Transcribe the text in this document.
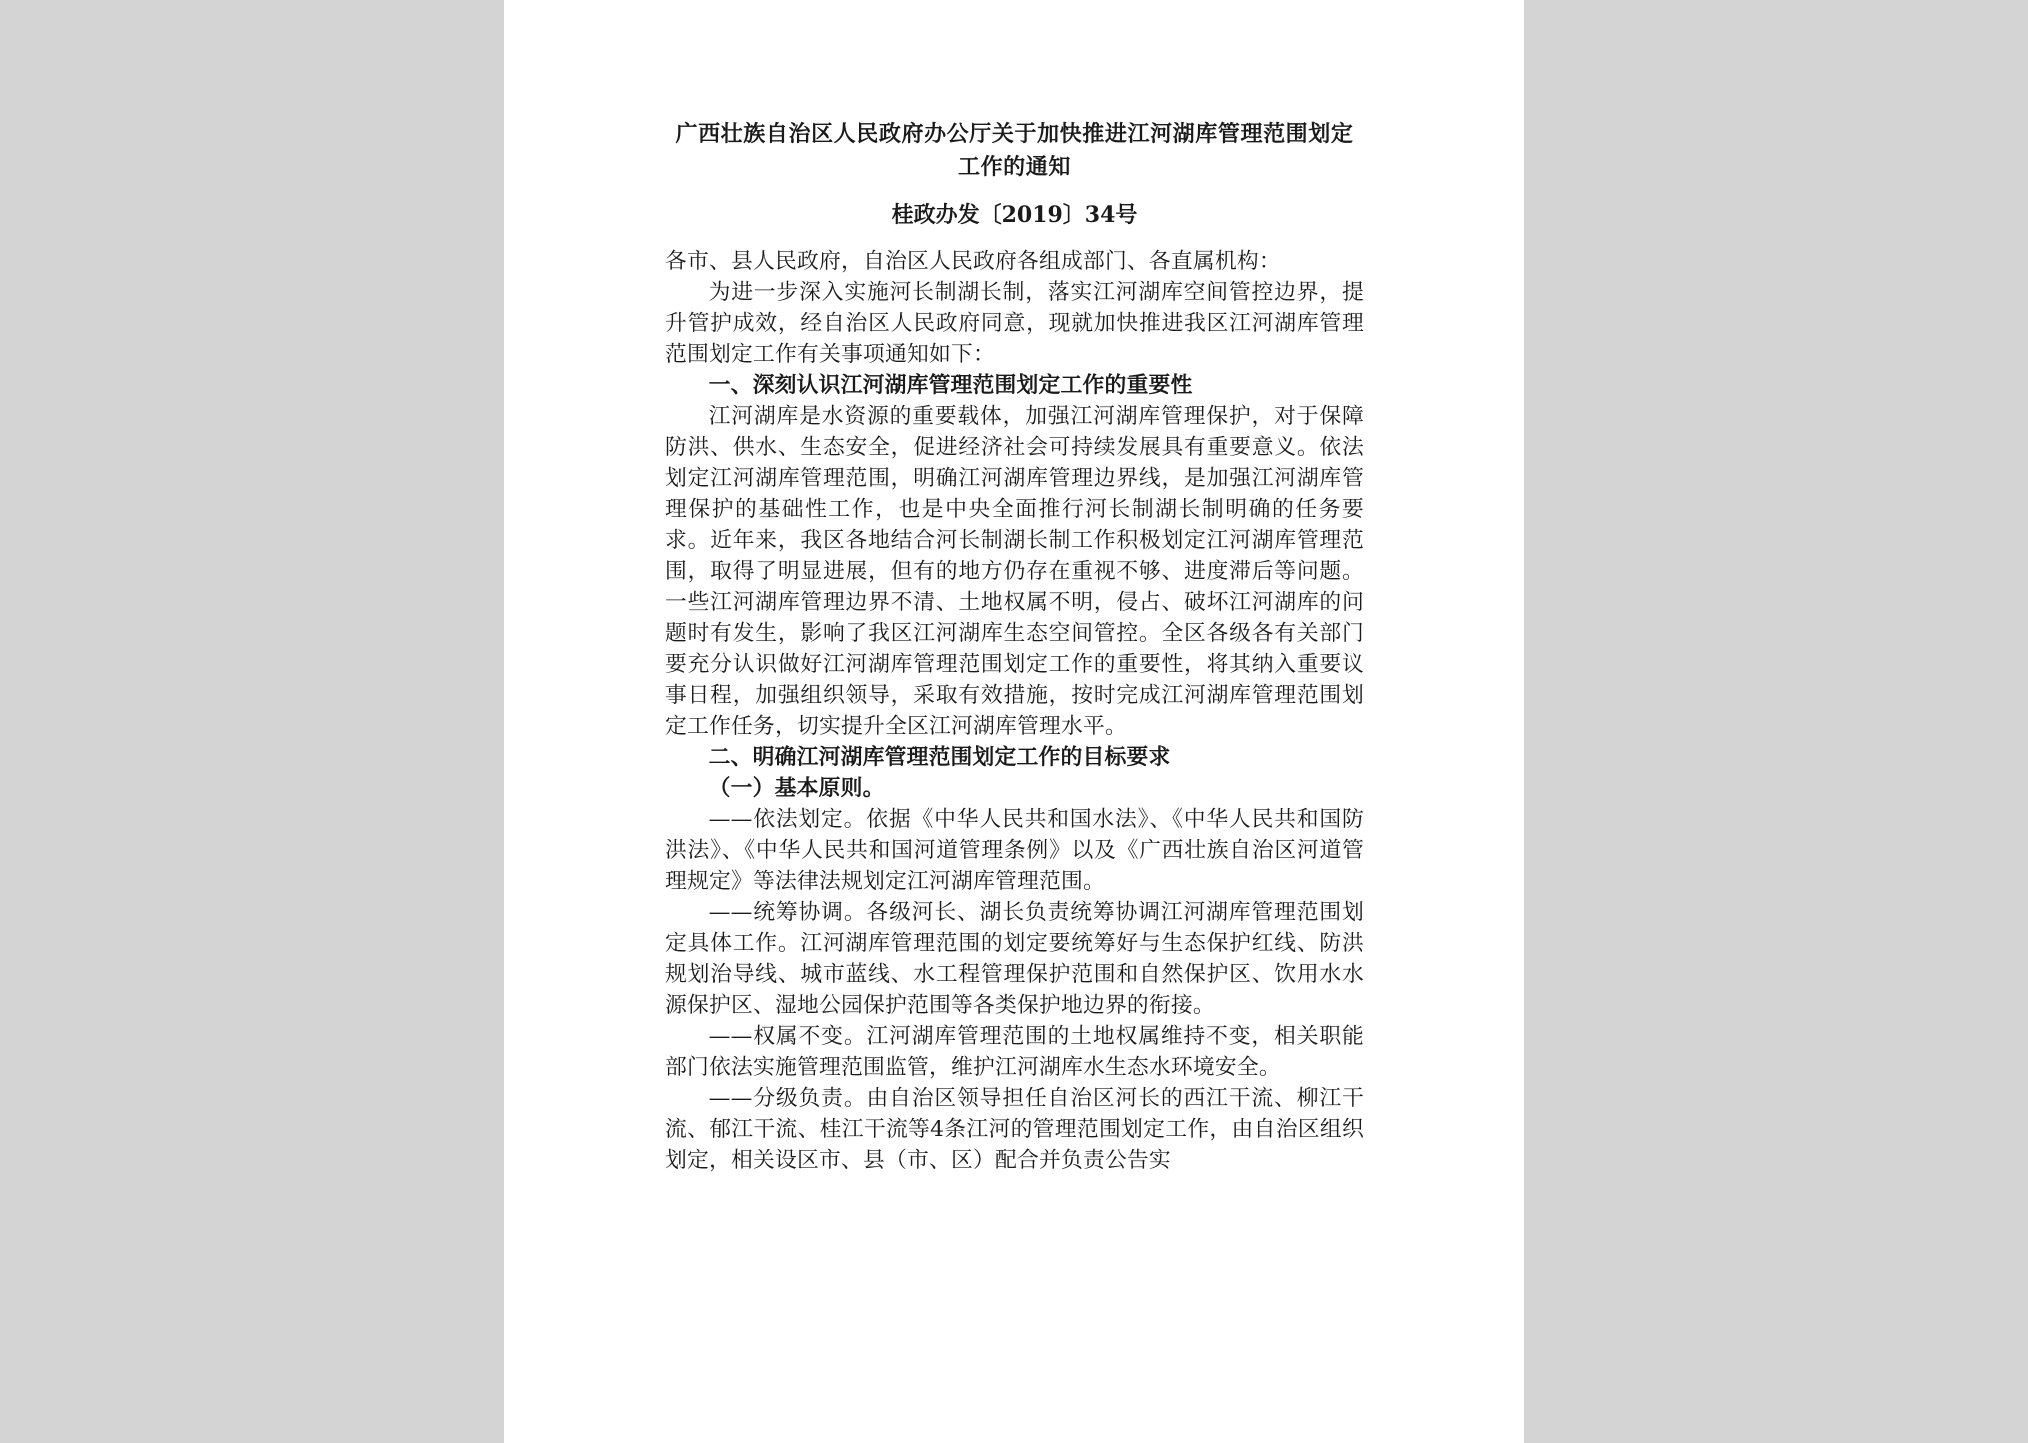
广西壮族自治区人民政府办公厅关于加快推进江河湖库管理范围划定工作的通知
桂政办发〔2019〕34号

各市、县人民政府，自治区人民政府各组成部门、各直属机构：

为进一步深入实施河长制湖长制，落实江河湖库空间管控边界，提升管护成效，经自治区人民政府同意，现就加快推进我区江河湖库管理范围划定工作有关事项通知如下：

一、深刻认识江河湖库管理范围划定工作的重要性

江河湖库是水资源的重要载体，加强江河湖库管理保护，对于保障防洪、供水、生态安全，促进经济社会可持续发展具有重要意义。依法划定江河湖库管理范围，明确江河湖库管理边界线，是加强江河湖库管理保护的基础性工作，也是中央全面推行河长制湖长制明确的任务要求。近年来，我区各地结合河长制湖长制工作积极划定江河湖库管理范围，取得了明显进展，但有的地方仍存在重视不够、进度滞后等问题。一些江河湖库管理边界不清、土地权属不明，侵占、破坏江河湖库的问题时有发生，影响了我区江河湖库生态空间管控。全区各级各有关部门要充分认识做好江河湖库管理范围划定工作的重要性，将其纳入重要议事日程，加强组织领导，采取有效措施，按时完成江河湖库管理范围划定工作任务，切实提升全区江河湖库管理水平。

二、明确江河湖库管理范围划定工作的目标要求

（一）基本原则。

——依法划定。依据《中华人民共和国水法》、《中华人民共和国防洪法》、《中华人民共和国河道管理条例》以及《广西壮族自治区河道管理规定》等法律法规划定江河湖库管理范围。

——统筹协调。各级河长、湖长负责统筹协调江河湖库管理范围划定具体工作。江河湖库管理范围的划定要统筹好与生态保护红线、防洪规划治导线、城市蓝线、水工程管理保护范围和自然保护区、饮用水水源保护区、湿地公园保护范围等各类保护地边界的衔接。

——权属不变。江河湖库管理范围的土地权属维持不变，相关职能部门依法实施管理范围监管，维护江河湖库水生态水环境安全。

——分级负责。由自治区领导担任自治区河长的西江干流、柳江干流、郁江干流、桂江干流等4条江河的管理范围划定工作，由自治区组织划定，相关设区市、县（市、区）配合并负责公告实
